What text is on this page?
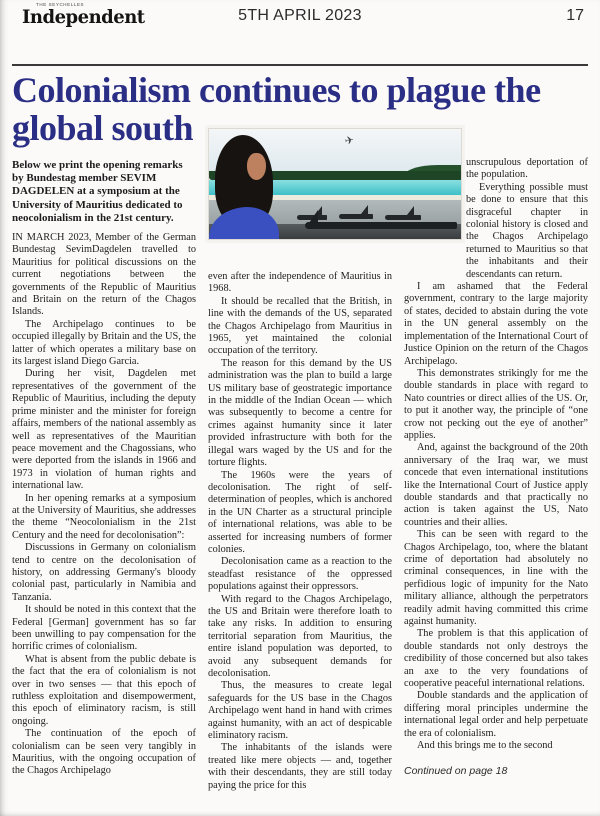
THE SEYCHELLES
Independent	5TH APRIL 2023	17
Colonialism continues to plague the global south	✈

Below we print the opening remarks by Bundestag member SEVIM DAGDELEN at a symposium at the University of Mauritius dedicated to neocolonialism in the 21st century.

IN MARCH 2023, Member of the German Bundestag SevimDagdelen travelled to Mauritius for political discussions on the current negotiations between the governments of the Republic of Mauritius and Britain on the return of the Chagos Islands.

The Archipelago continues to be occupied illegally by Britain and the US, the latter of which operates a military base on its largest island Diego Garcia.

During her visit, Dagdelen met representatives of the government of the Republic of Mauritius, including the deputy prime minister and the minister for foreign affairs, members of the national assembly as well as representatives of the Mauritian peace movement and the Chagossians, who were deported from the islands in 1966 and 1973 in violation of human rights and international law.

In her opening remarks at a symposium at the University of Mauritius, she addresses the theme “Neocolonialism in the 21st Century and the need for decolonisation”:

Discussions in Germany on colonialism tend to centre on the decolonisation of history, on addressing Germany's bloody colonial past, particularly in Namibia and Tanzania.

It should be noted in this context that the Federal [German] government has so far been unwilling to pay compensation for the horrific crimes of colonialism.

What is absent from the public debate is the fact that the era of colonialism is not over in two senses — that this epoch of ruthless exploitation and disempowerment, this epoch of eliminatory racism, is still ongoing.

The continuation of the epoch of colonialism can be seen very tangibly in Mauritius, with the ongoing occupation of the Chagos Archipelago

even after the independence of Mauritius in 1968.

It should be recalled that the British, in line with the demands of the US, separated the Chagos Archipelago from Mauritius in 1965, yet maintained the colonial occupation of the territory.

The reason for this demand by the US administration was the plan to build a large US military base of geostrategic importance in the middle of the Indian Ocean — which was subsequently to become a centre for crimes against humanity since it later provided infrastructure with both for the illegal wars waged by the US and for the torture flights.

The 1960s were the years of decolonisation. The right of self-determination of peoples, which is anchored in the UN Charter as a structural principle of international relations, was able to be asserted for increasing numbers of former colonies.

Decolonisation came as a reaction to the steadfast resistance of the oppressed populations against their oppressors.

With regard to the Chagos Archipelago, the US and Britain were therefore loath to take any risks. In addition to ensuring territorial separation from Mauritius, the entire island population was deported, to avoid any subsequent demands for decolonisation.

Thus, the measures to create legal safeguards for the US base in the Chagos Archipelago went hand in hand with crimes against humanity, with an act of despicable eliminatory racism.

The inhabitants of the islands were treated like mere objects — and, together with their descendants, they are still today paying the price for this

unscrupulous deportation of the population.

Everything possible must be done to ensure that this disgraceful chapter in colonial history is closed and the Chagos Archipelago returned to Mauritius so that the inhabitants and their descendants can return.

I am ashamed that the Federal government, contrary to the large majority of states, decided to abstain during the vote in the UN general assembly on the implementation of the International Court of Justice Opinion on the return of the Chagos Archipelago.

This demonstrates strikingly for me the double standards in place with regard to Nato countries or direct allies of the US. Or, to put it another way, the principle of “one crow not pecking out the eye of another” applies.

And, against the background of the 20th anniversary of the Iraq war, we must concede that even international institutions like the International Court of Justice apply double standards and that practically no action is taken against the US, Nato countries and their allies.

This can be seen with regard to the Chagos Archipelago, too, where the blatant crime of deportation had absolutely no criminal consequences, in line with the perfidious logic of impunity for the Nato military alliance, although the perpetrators readily admit having committed this crime against humanity.

The problem is that this application of double standards not only destroys the credibility of those concerned but also takes an axe to the very foundations of cooperative peaceful international relations.

Double standards and the application of differing moral principles undermine the international legal order and help perpetuate the era of colonialism.

And this brings me to the second

Continued on page 18
